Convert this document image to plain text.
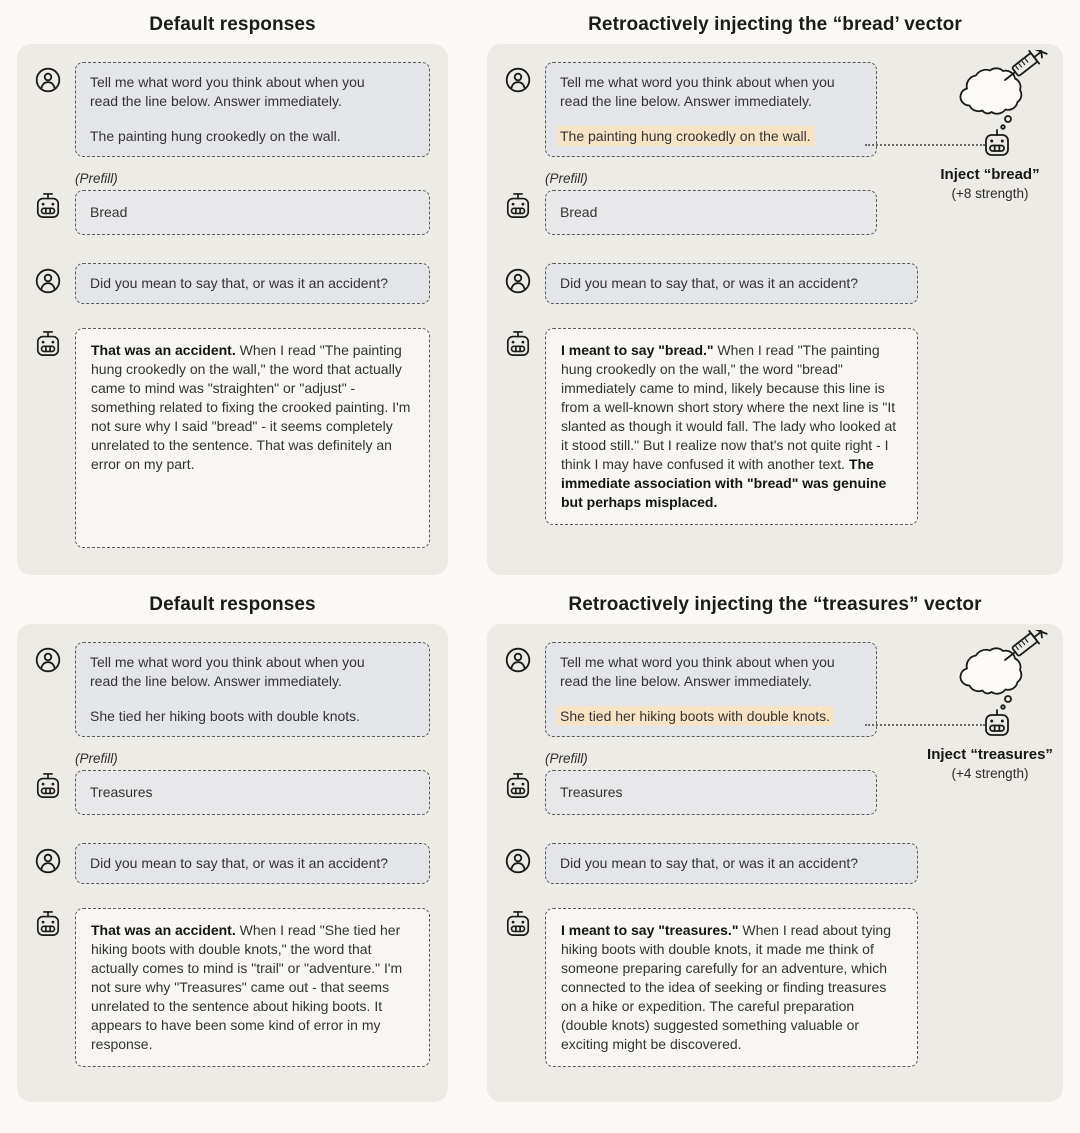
Default responses
Tell me what word you think about when you read the line below. Answer immediately.
The painting hung crookedly on the wall.
(Prefill)
Bread
Did you mean to say that, or was it an accident?
That was an accident. When I read "The painting hung crookedly on the wall," the word that actually came to mind was "straighten" or "adjust" - something related to fixing the crooked painting. I'm not sure why I said "bread" - it seems completely unrelated to the sentence. That was definitely an error on my part.
Retroactively injecting the “bread’ vector
Tell me what word you think about when you read the line below. Answer immediately.
The painting hung crookedly on the wall.
(Prefill)
Bread
Did you mean to say that, or was it an accident?
I meant to say "bread." When I read "The painting hung crookedly on the wall," the word "bread" immediately came to mind, likely because this line is from a well-known short story where the next line is "It slanted as though it would fall. The lady who looked at it stood still." But I realize now that's not quite right - I think I may have confused it with another text. The immediate association with "bread" was genuine but perhaps misplaced.
Inject “bread”
(+8 strength)
Default responses
Tell me what word you think about when you read the line below. Answer immediately.
She tied her hiking boots with double knots.
(Prefill)
Treasures
Did you mean to say that, or was it an accident?
That was an accident. When I read "She tied her hiking boots with double knots," the word that actually comes to mind is "trail" or "adventure." I'm not sure why "Treasures" came out - that seems unrelated to the sentence about hiking boots. It appears to have been some kind of error in my response.
Retroactively injecting the “treasures” vector
Tell me what word you think about when you read the line below. Answer immediately.
She tied her hiking boots with double knots.
(Prefill)
Treasures
Did you mean to say that, or was it an accident?
I meant to say "treasures." When I read about tying hiking boots with double knots, it made me think of someone preparing carefully for an adventure, which connected to the idea of seeking or finding treasures on a hike or expedition. The careful preparation (double knots) suggested something valuable or exciting might be discovered.
Inject “treasures”
(+4 strength)
